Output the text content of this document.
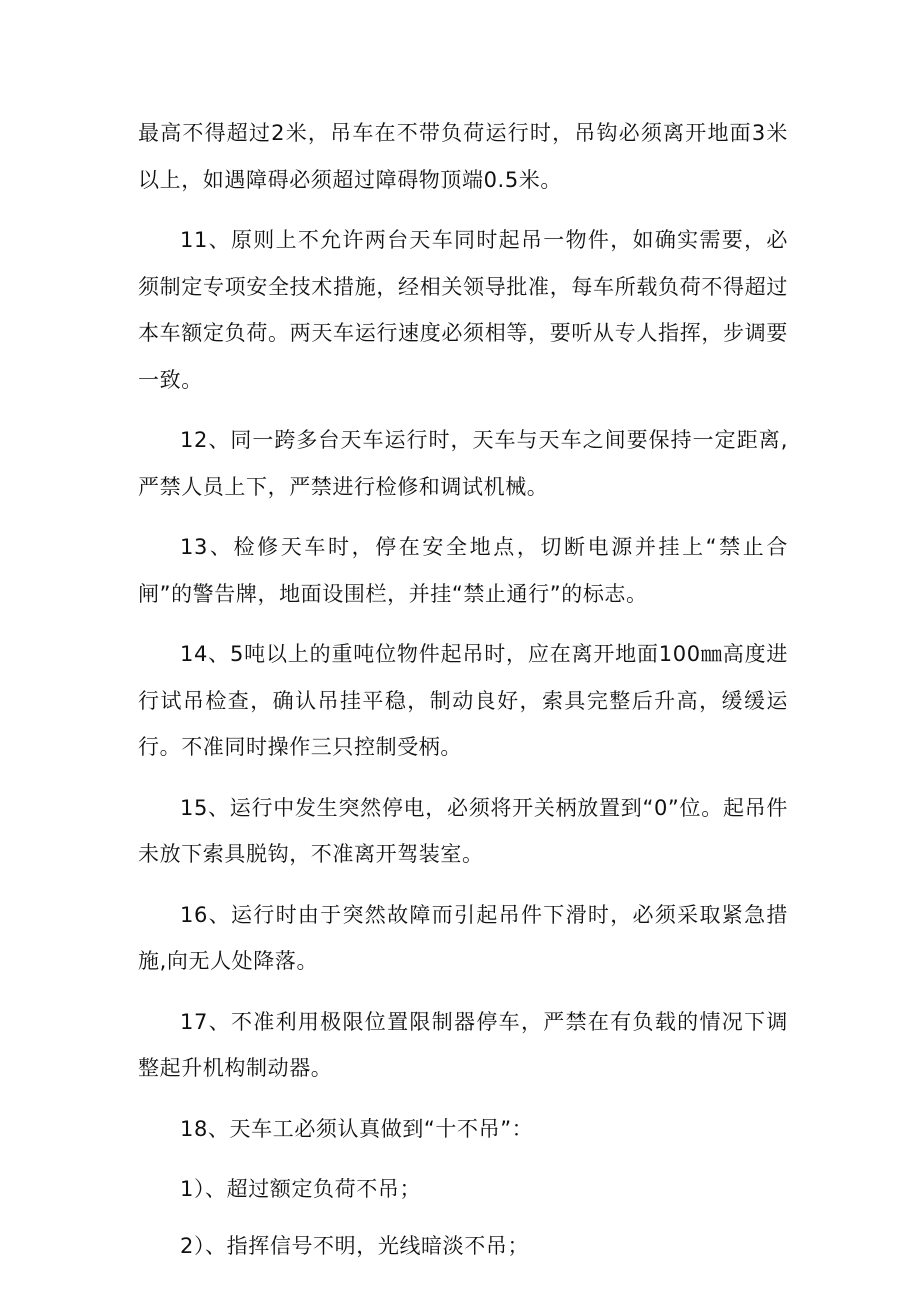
最高不得超过2米，吊车在不带负荷运行时，吊钩必须离开地面3米以上，如遇障碍必须超过障碍物顶端0.5米。

11、原则上不允许两台天车同时起吊一物件，如确实需要，必须制定专项安全技术措施，经相关领导批准，每车所载负荷不得超过本车额定负荷。两天车运行速度必须相等，要听从专人指挥，步调要一致。

12、同一跨多台天车运行时，天车与天车之间要保持一定距离,严禁人员上下，严禁进行检修和调试机械。

13、检修天车时，停在安全地点，切断电源并挂上“禁止合闸”的警告牌，地面设围栏，并挂“禁止通行”的标志。

14、5吨以上的重吨位物件起吊时，应在离开地面100㎜高度进行试吊检查，确认吊挂平稳，制动良好，索具完整后升高，缓缓运行。不准同时操作三只控制受柄。

15、运行中发生突然停电，必须将开关柄放置到“0”位。起吊件未放下索具脱钩，不准离开驾装室。

16、运行时由于突然故障而引起吊件下滑时，必须采取紧急措施,向无人处降落。

17、不准利用极限位置限制器停车，严禁在有负载的情况下调整起升机构制动器。

18、天车工必须认真做到“十不吊”：

1）、超过额定负荷不吊；

2）、指挥信号不明，光线暗淡不吊；
